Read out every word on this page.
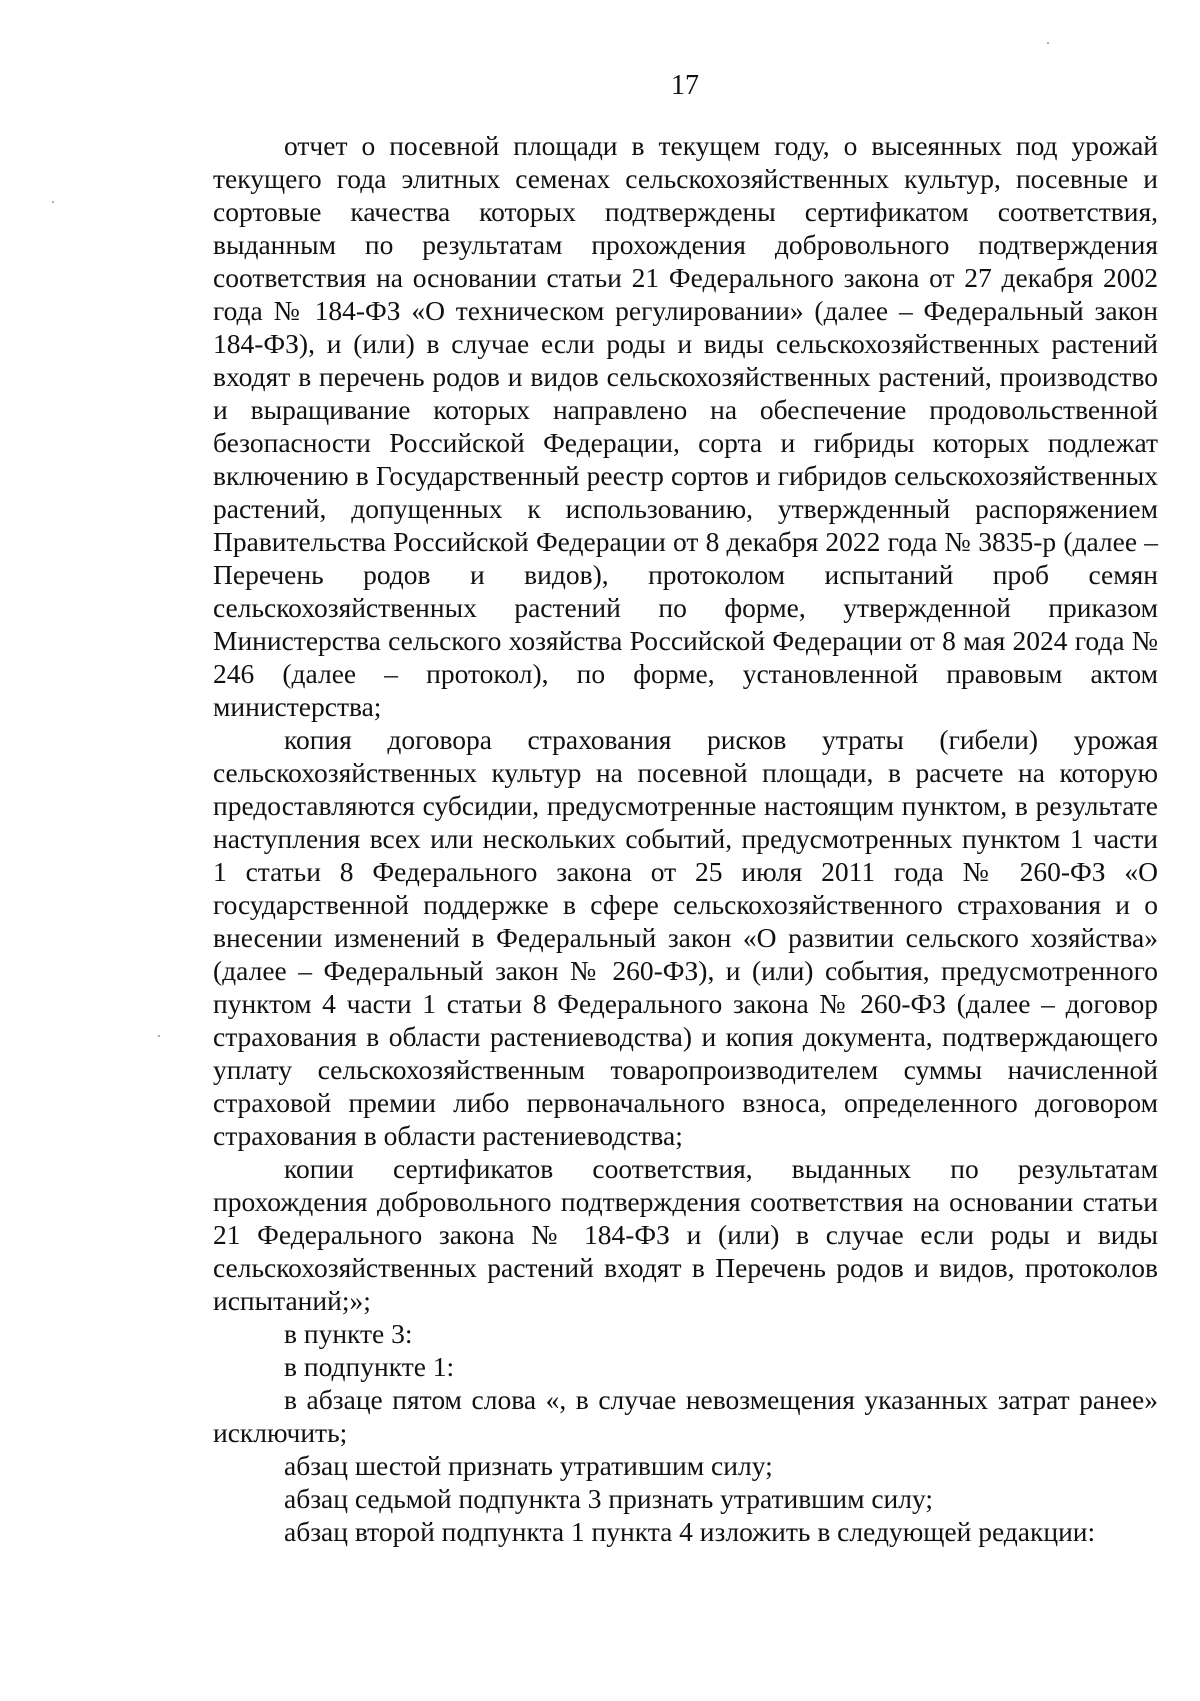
17

отчет о посевной площади в текущем году, о высеянных под урожай текущего года элитных семенах сельскохозяйственных культур, посевные и сортовые качества которых подтверждены сертификатом соответствия, выданным по результатам прохождения добровольного подтверждения соответствия на основании статьи 21 Федерального закона от 27 декабря 2002 года № 184-ФЗ «О техническом регулировании» (далее – Федеральный закон 184-ФЗ), и (или) в случае если роды и виды сельскохозяйственных растений входят в перечень родов и видов сельскохозяйственных растений, производство и выращивание которых направлено на обеспечение продовольственной безопасности Российской Федерации, сорта и гибриды которых подлежат включению в Государственный реестр сортов и гибридов сельскохозяйственных растений, допущенных к использованию, утвержденный распоряжением Правительства Российской Федерации от 8 декабря 2022 года № 3835-р (далее – Перечень родов и видов), протоколом испытаний проб семян сельскохозяйственных растений по форме, утвержденной приказом Министерства сельского хозяйства Российской Федерации от 8 мая 2024 года № 246 (далее – протокол), по форме, установленной правовым актом министерства;

копия договора страхования рисков утраты (гибели) урожая сельскохозяйственных культур на посевной площади, в расчете на которую предоставляются субсидии, предусмотренные настоящим пунктом, в результате наступления всех или нескольких событий, предусмотренных пунктом 1 части 1 статьи 8 Федерального закона от 25 июля 2011 года № 260-ФЗ «О государственной поддержке в сфере сельскохозяйственного страхования и о внесении изменений в Федеральный закон «О развитии сельского хозяйства» (далее – Федеральный закон № 260-ФЗ), и (или) события, предусмотренного пунктом 4 части 1 статьи 8 Федерального закона № 260-ФЗ (далее – договор страхования в области растениеводства) и копия документа, подтверждающего уплату сельскохозяйственным товаропроизводителем суммы начисленной страховой премии либо первоначального взноса, определенного договором страхования в области растениеводства;

копии сертификатов соответствия, выданных по результатам прохождения добровольного подтверждения соответствия на основании статьи 21 Федерального закона № 184-ФЗ и (или) в случае если роды и виды сельскохозяйственных растений входят в Перечень родов и видов, протоколов испытаний;»;

в пункте 3:

в подпункте 1:

в абзаце пятом слова «, в случае невозмещения указанных затрат ранее» исключить;

абзац шестой признать утратившим силу;

абзац седьмой подпункта 3 признать утратившим силу;

абзац второй подпункта 1 пункта 4 изложить в следующей редакции:
